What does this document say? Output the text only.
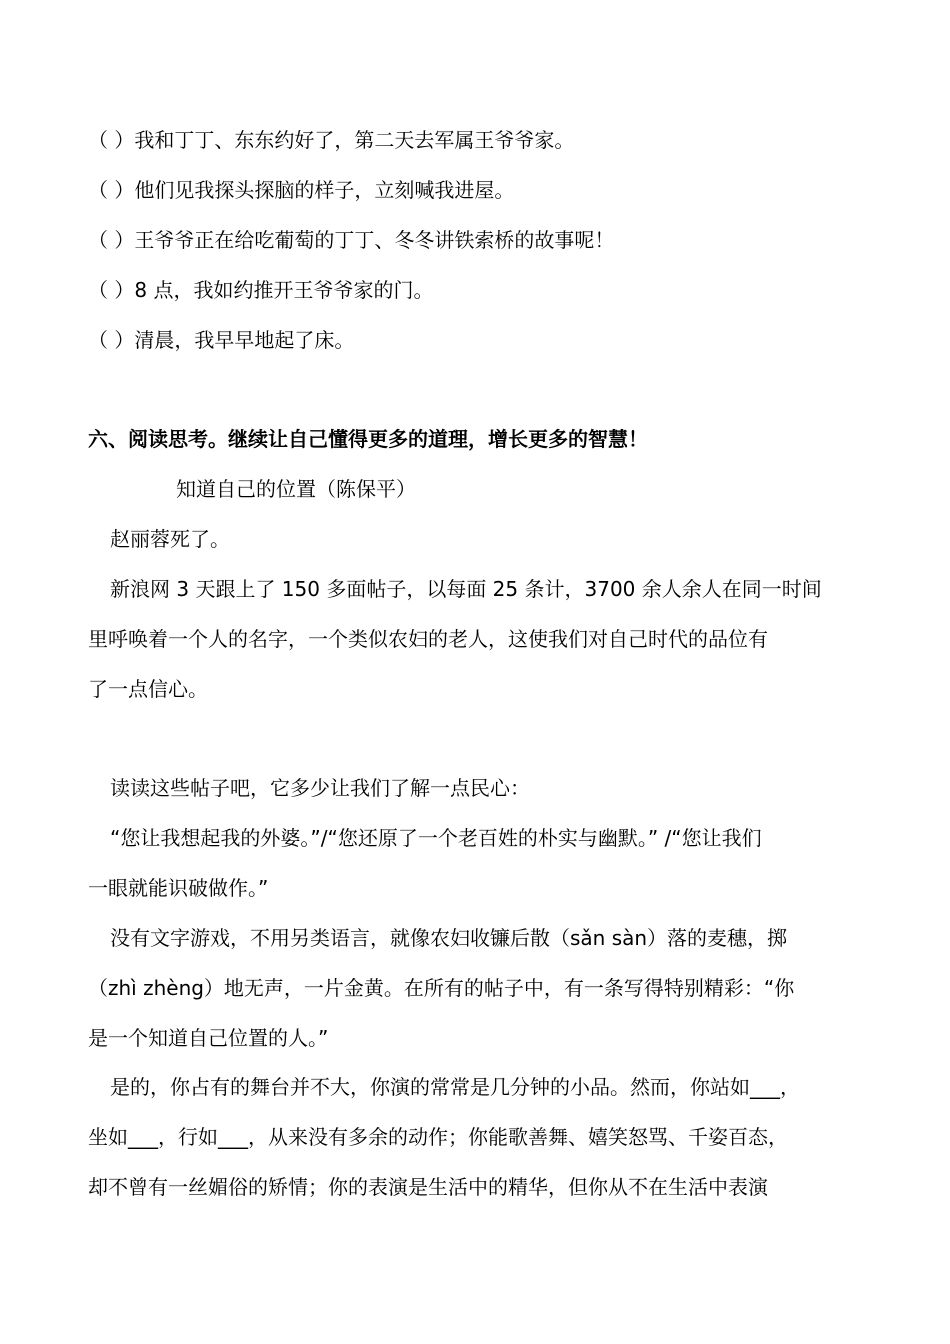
（ ）我和丁丁、东东约好了，第二天去军属王爷爷家。
（ ）他们见我探头探脑的样子，立刻喊我进屋。
（ ）王爷爷正在给吃葡萄的丁丁、冬冬讲铁索桥的故事呢！
（ ）8 点，我如约推开王爷爷家的门。
（ ）清晨，我早早地起了床。
六、阅读思考。继续让自己懂得更多的道理，增长更多的智慧！
知道自己的位置（陈保平）
赵丽蓉死了。
新浪网 3 天跟上了 150 多面帖子，以每面 25 条计，3700 余人余人在同一时间
里呼唤着一个人的名字，一个类似农妇的老人，这使我们对自己时代的品位有
了一点信心。
读读这些帖子吧，它多少让我们了解一点民心：
“您让我想起我的外婆。”/“您还原了一个老百姓的朴实与幽默。” /“您让我们
一眼就能识破做作。”
没有文字游戏，不用另类语言，就像农妇收镰后散（sǎn sàn）落的麦穗，掷
（zhì zhèng）地无声，一片金黄。在所有的帖子中，有一条写得特别精彩：“你
是一个知道自己位置的人。”
是的，你占有的舞台并不大，你演的常常是几分钟的小品。然而，你站如___，
坐如___，行如___，从来没有多余的动作；你能歌善舞、嬉笑怒骂、千姿百态，
却不曾有一丝媚俗的矫情；你的表演是生活中的精华，但你从不在生活中表演
